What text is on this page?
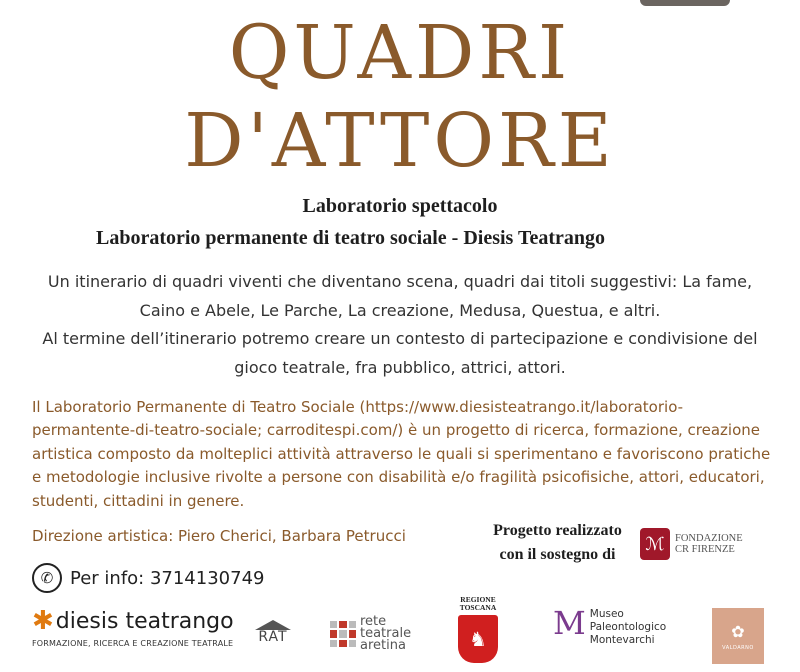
QUADRI
D'ATTORE
Laboratorio spettacolo
Laboratorio permanente di teatro sociale - Diesis Teatrango
Un itinerario di quadri viventi che diventano scena, quadri dai titoli suggestivi: La fame,
Caino e Abele, Le Parche, La creazione, Medusa, Questua, e altri.
Al termine dell’itinerario potremo creare un contesto di partecipazione e condivisione del
gioco teatrale, fra pubblico, attrici, attori.
Il Laboratorio Permanente di Teatro Sociale (https://www.diesisteatrango.it/laboratorio-
permantente-di-teatro-sociale; carroditespi.com/) è un progetto di ricerca, formazione, creazione
artistica composto da molteplici attività attraverso le quali si sperimentano e favoriscono pratiche
e metodologie inclusive rivolte a persone con disabilità e/o fragilità psicofisiche, attori, educatori,
studenti, cittadini in genere.
Direzione artistica: Piero Cherici, Barbara Petrucci	Progetto realizzato
con il sostegno di	ℳ FONDAZIONE
CR FIRENZE
✆ Per info: 3714130749
✱ diesis teatrango
FORMAZIONE, RICERCA E CREAZIONE TEATRALE	RAT
rete
teatrale
aretina
REGIONE
TOSCANA
♞	M Museo
Paleontologico
Montevarchi	✿
VALDARNO
